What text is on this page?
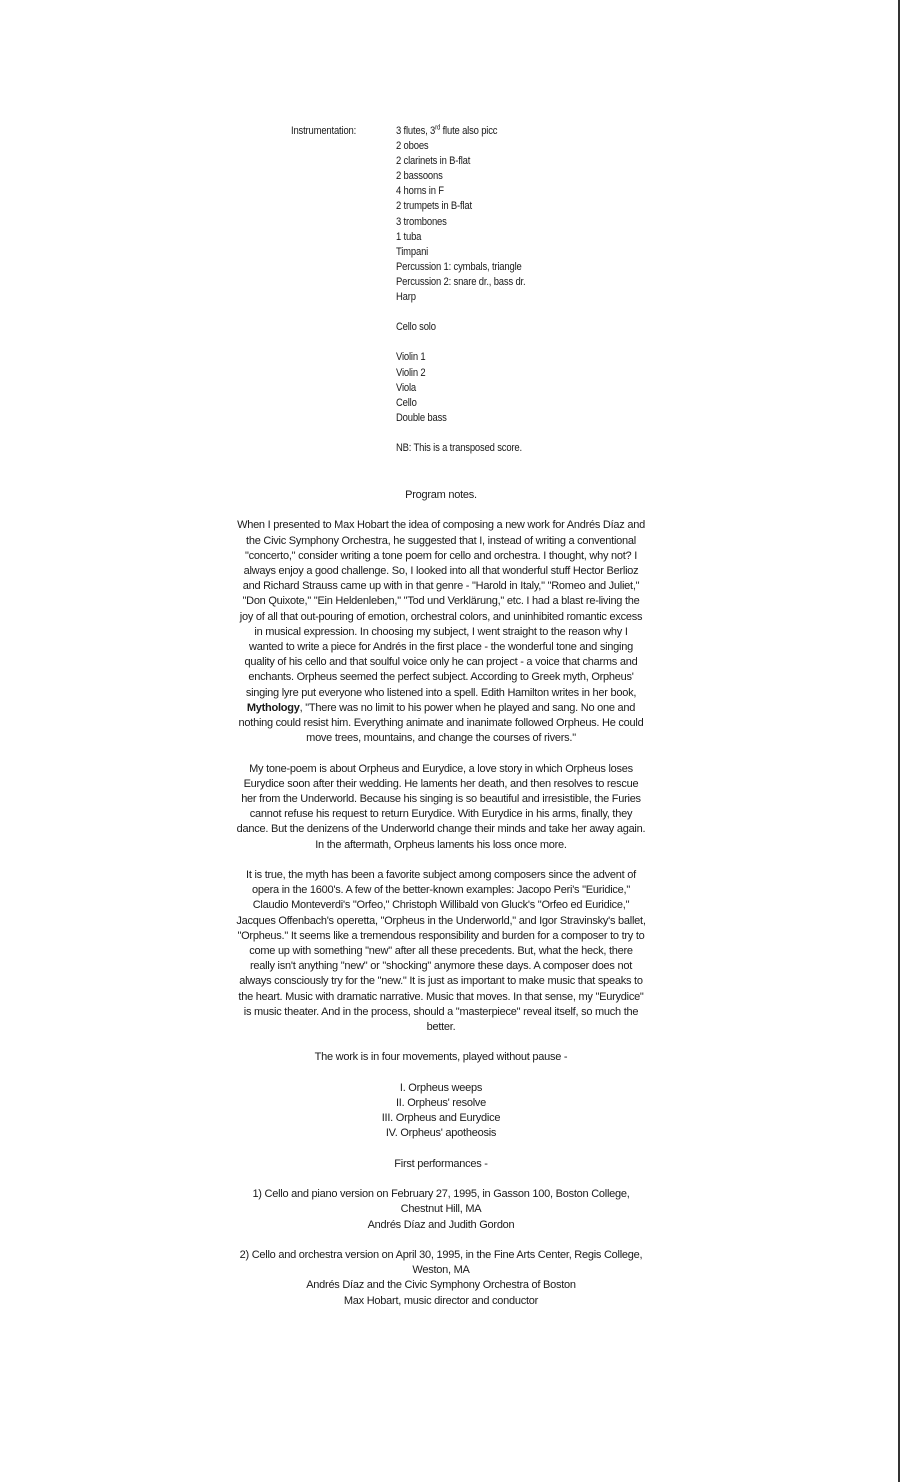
Instrumentation:	3 flutes, 3rd flute also picc
2 oboes
2 clarinets in B-flat
2 bassoons
4 horns in F
2 trumpets in B-flat
3 trombones
1 tuba
Timpani
Percussion 1: cymbals, triangle
Percussion 2: snare dr., bass dr.
Harp
Cello solo
Violin 1
Violin 2
Viola
Cello
Double bass
NB: This is a transposed score.

Program notes.

When I presented to Max Hobart the idea of composing a new work for Andrés Díaz and the Civic Symphony Orchestra, he suggested that I, instead of writing a conventional "concerto," consider writing a tone poem for cello and orchestra. I thought, why not? I always enjoy a good challenge. So, I looked into all that wonderful stuff Hector Berlioz and Richard Strauss came up with in that genre - "Harold in Italy," "Romeo and Juliet," "Don Quixote," "Ein Heldenleben," "Tod und Verklärung," etc. I had a blast re-living the joy of all that out-pouring of emotion, orchestral colors, and uninhibited romantic excess in musical expression. In choosing my subject, I went straight to the reason why I wanted to write a piece for Andrés in the first place - the wonderful tone and singing quality of his cello and that soulful voice only he can project - a voice that charms and enchants. Orpheus seemed the perfect subject. According to Greek myth, Orpheus' singing lyre put everyone who listened into a spell. Edith Hamilton writes in her book, Mythology, "There was no limit to his power when he played and sang. No one and nothing could resist him. Everything animate and inanimate followed Orpheus. He could move trees, mountains, and change the courses of rivers."

My tone-poem is about Orpheus and Eurydice, a love story in which Orpheus loses Eurydice soon after their wedding. He laments her death, and then resolves to rescue her from the Underworld. Because his singing is so beautiful and irresistible, the Furies cannot refuse his request to return Eurydice. With Eurydice in his arms, finally, they dance. But the denizens of the Underworld change their minds and take her away again. In the aftermath, Orpheus laments his loss once more.

It is true, the myth has been a favorite subject among composers since the advent of opera in the 1600's. A few of the better-known examples: Jacopo Peri's "Euridice," Claudio Monteverdi's "Orfeo," Christoph Willibald von Gluck's "Orfeo ed Euridice," Jacques Offenbach's operetta, "Orpheus in the Underworld," and Igor Stravinsky's ballet, "Orpheus." It seems like a tremendous responsibility and burden for a composer to try to come up with something "new" after all these precedents. But, what the heck, there really isn't anything "new" or "shocking" anymore these days. A composer does not always consciously try for the "new." It is just as important to make music that speaks to the heart. Music with dramatic narrative. Music that moves. In that sense, my "Eurydice" is music theater. And in the process, should a "masterpiece" reveal itself, so much the better.

The work is in four movements, played without pause -

I. Orpheus weeps

II. Orpheus' resolve

III. Orpheus and Eurydice

IV. Orpheus' apotheosis

First performances -

1) Cello and piano version on February 27, 1995, in Gasson 100, Boston College, Chestnut Hill, MA

Andrés Díaz and Judith Gordon

2) Cello and orchestra version on April 30, 1995, in the Fine Arts Center, Regis College, Weston, MA

Andrés Díaz and the Civic Symphony Orchestra of Boston

Max Hobart, music director and conductor
